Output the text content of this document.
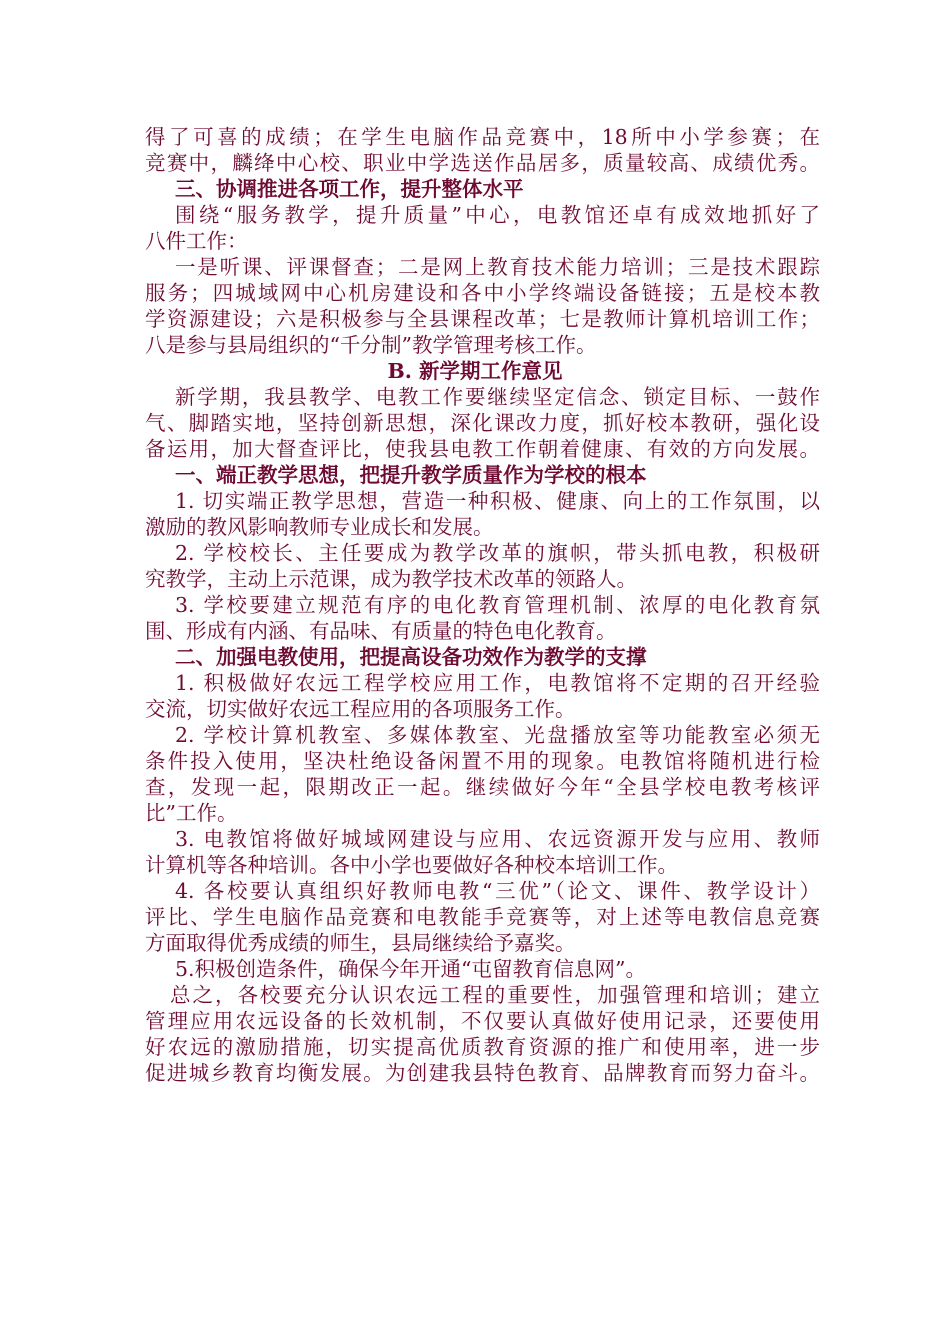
得了可喜的成绩；在学生电脑作品竞赛中，18所中小学参赛；在

竞赛中，麟绛中心校、职业中学选送作品居多，质量较高、成绩优秀。

三、协调推进各项工作，提升整体水平

围绕“服务教学，提升质量”中心，电教馆还卓有成效地抓好了

八件工作：

一是听课、评课督查；二是网上教育技术能力培训；三是技术跟踪

服务；四城域网中心机房建设和各中小学终端设备链接；五是校本教

学资源建设；六是积极参与全县课程改革；七是教师计算机培训工作；

八是参与县局组织的“千分制”教学管理考核工作。

B. 新学期工作意见

新学期，我县教学、电教工作要继续坚定信念、锁定目标、一鼓作

气、脚踏实地，坚持创新思想，深化课改力度，抓好校本教研，强化设

备运用，加大督查评比，使我县电教工作朝着健康、有效的方向发展。

一、端正教学思想，把提升教学质量作为学校的根本

1. 切实端正教学思想，营造一种积极、健康、向上的工作氛围，以

激励的教风影响教师专业成长和发展。

2. 学校校长、主任要成为教学改革的旗帜，带头抓电教，积极研

究教学，主动上示范课，成为教学技术改革的领路人。

3. 学校要建立规范有序的电化教育管理机制、浓厚的电化教育氛

围、形成有内涵、有品味、有质量的特色电化教育。

二、加强电教使用，把提高设备功效作为教学的支撑

1. 积极做好农远工程学校应用工作，电教馆将不定期的召开经验

交流，切实做好农远工程应用的各项服务工作。

2. 学校计算机教室、多媒体教室、光盘播放室等功能教室必须无

条件投入使用，坚决杜绝设备闲置不用的现象。电教馆将随机进行检

查，发现一起，限期改正一起。继续做好今年“全县学校电教考核评

比”工作。

3. 电教馆将做好城域网建设与应用、农远资源开发与应用、教师

计算机等各种培训。各中小学也要做好各种校本培训工作。

4. 各校要认真组织好教师电教“三优”（论文、课件、教学设计）

评比、学生电脑作品竞赛和电教能手竞赛等，对上述等电教信息竞赛

方面取得优秀成绩的师生，县局继续给予嘉奖。

5.积极创造条件，确保今年开通“屯留教育信息网”。

总之，各校要充分认识农远工程的重要性，加强管理和培训；建立

管理应用农远设备的长效机制，不仅要认真做好使用记录，还要使用

好农远的激励措施，切实提高优质教育资源的推广和使用率，进一步

促进城乡教育均衡发展。为创建我县特色教育、品牌教育而努力奋斗。
